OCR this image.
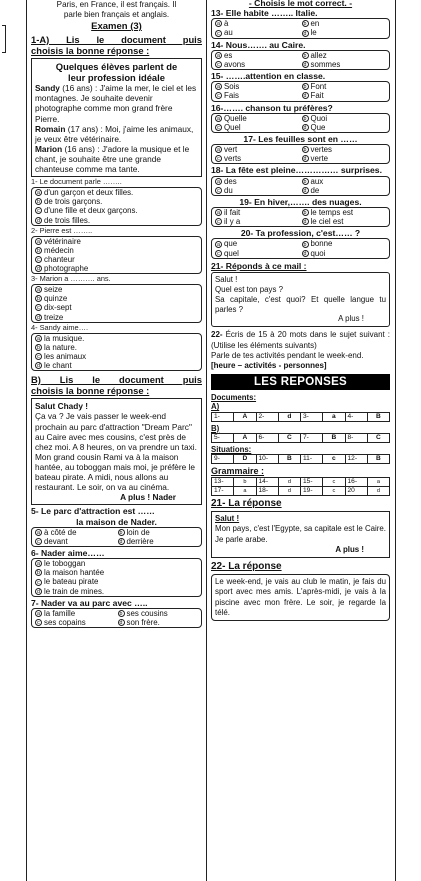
Paris, en France, il est français. Il
parle bien français et anglais.
Examen (3)
1-A) Lis le document puis
choisis la bonne réponse :
Quelques élèves parlent de
leur profession idéale

Sandy (16 ans) : J'aime la mer, le ciel et les montagnes. Je souhaite devenir photographe comme mon grand frère Pierre.

Romain (17 ans) : Moi, j'aime les animaux, je veux être vétérinaire.

Marion (16 ans) : J'adore la musique et le chant, je souhaite être une grande chanteuse comme ma tante.

1- Le document parle ……..
a d'un garçon et deux filles.
b de trois garçons.
c d'une fille et deux garçons.
d de trois filles.
2- Pierre est ……..
a vétérinaire
b médecin
c chanteur
d photographe
3- Marion a ………. ans.
a seize
b quinze
c dix-sept
d treize
4- Sandy aime….
a la musique.
b la nature.
c les animaux
d le chant
B) Lis le document puis
choisis la bonne réponse :
Salut Chady !

Ça va ? Je vais passer le week-end prochain au parc d'attraction "Dream Parc" au Caire avec mes cousins, c'est près de chez moi. A 8 heures, on va prendre un taxi. Mon grand cousin Rami va à la maison hantée, au toboggan mais moi, je préfère le bateau pirate. A midi, nous allons au restaurant. Le soir, on va au cinéma.

A plus ! Nader
5- Le parc d'attraction est ……
la maison de Nader.
a à côté de	b loin de
c devant	d derrière
6- Nader aime……
a le toboggan
b la maison hantée
c le bateau pirate
d le train de mines.
7- Nader va au parc avec …..
a la famille	b ses cousins
c ses copains	d son frère.
- Choisis le mot correct. -
13- Elle habite …….. Italie.
a à	b en
c au	d le
14- Nous……. au Caire.
a es	b allez
c avons	d sommes
15- …….attention en classe.
a Sois	b Font
c Fais	d Fait
16-……. chanson tu préfères?
a Quelle	b Quoi
c Quel	d Que
17- Les feuilles sont en ……
a vert	b vertes
c verts	d verte
18- La fête est pleine…………… surprises.
a des	b aux
c du	d de
19- En hiver,……. des nuages.
a il fait	b le temps est
c il y a	d le ciel est
20- Ta profession, c'est…… ?
a que	b bonne
c quel	d quoi
21- Réponds à ce mail :
Salut !
Quel est ton pays ?
Sa capitale, c'est quoi? Et quelle langue tu parles ?
A plus !
22- Écris de 15 à 20 mots dans le sujet suivant : (Utilise les éléments suivants)
Parle de tes activités pendant le week-end.
[heure – activités - personnes]
LES REPONSES
Documents:
A)
1-	A	2-	d	3-	a	4-	B
B)
5-	A	6-	C	7-	B	8-	C
Situations:
9-	D	10-	B	11-	c	12-	B
Grammaire :
13-	b	14-	d	15-	c	16-	a
17-	a	18-	d	19-	c	20	d
21- La réponse
Salut !
Mon pays, c'est l'Egypte, sa capitale est le Caire. Je parle arabe.
A plus !
22- La réponse
Le week-end, je vais au club le matin, je fais du sport avec mes amis. L'après-midi, je vais à la piscine avec mon frère. Le soir, je regarde la télé.
